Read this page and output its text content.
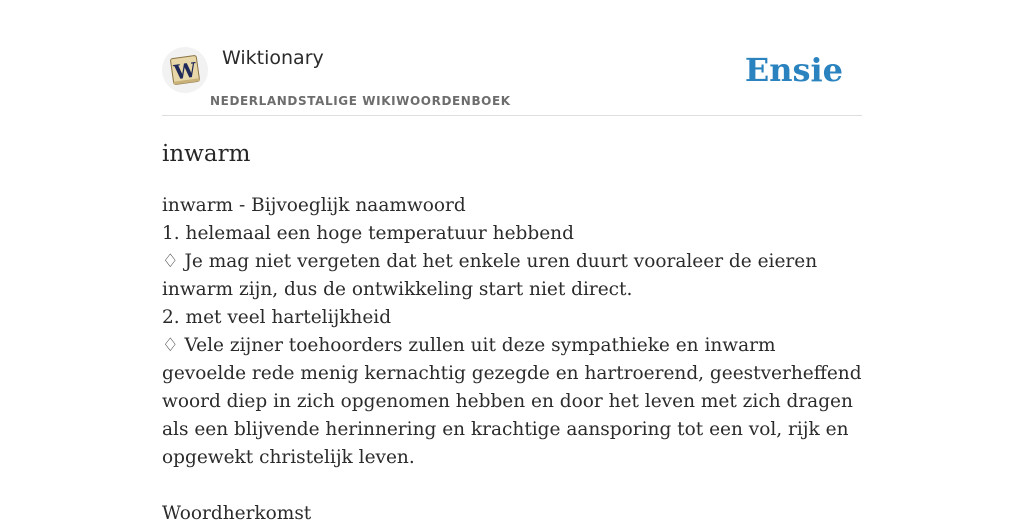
W Wiktionary
NEDERLANDSTALIGE WIKIWOORDENBOEK
Ensie
inwarm

inwarm - Bijvoeglijk naamwoord

1. helemaal een hoge temperatuur hebbend

♢ Je mag niet vergeten dat het enkele uren duurt vooraleer de eieren inwarm zijn, dus de ontwikkeling start niet direct.

2. met veel hartelijkheid

♢ Vele zijner toehoorders zullen uit deze sympathieke en inwarm gevoelde rede menig kernachtig gezegde en hartroerend, geestverheffend woord diep in zich opgenomen hebben en door het leven met zich dragen als een blijvende herinnering en krachtige aansporing tot een vol, rijk en opgewekt christelijk leven.

Woordherkomst
